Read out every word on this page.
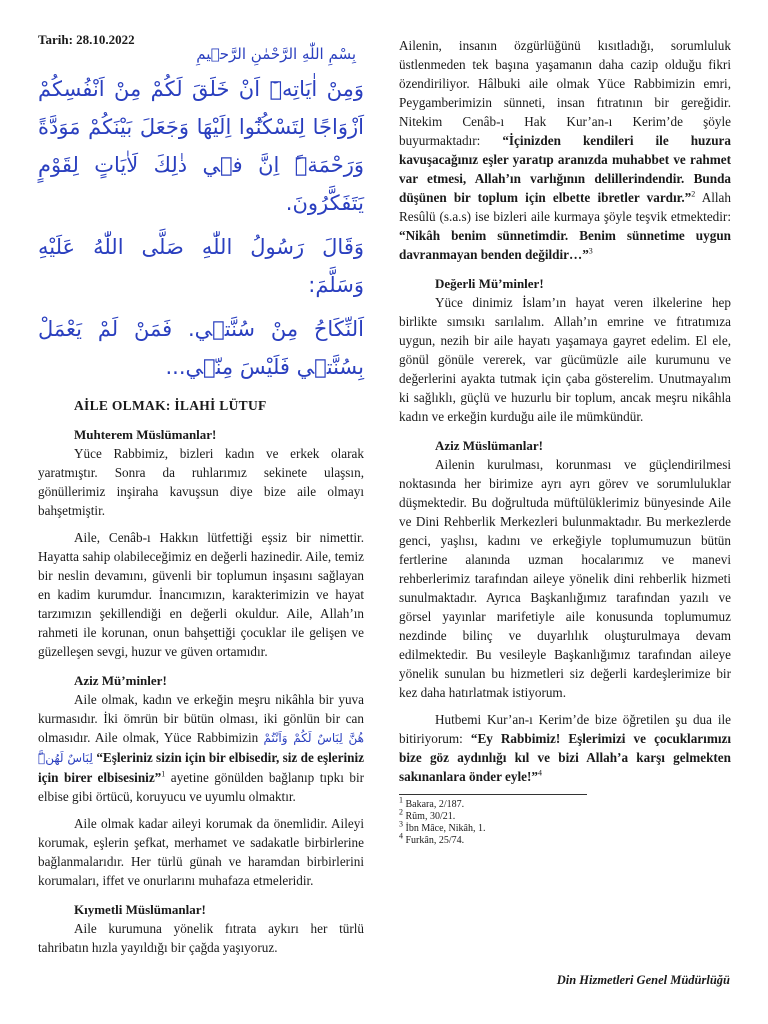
Tarih: 28.10.2022

بِسْمِ اللّٰهِ الرَّحْمٰنِ الرَّح۪يمِ
وَمِنْ اٰيَاتِه۪ٓ اَنْ خَلَقَ لَكُمْ مِنْ اَنْفُسِكُمْ اَزْوَاجًا لِتَسْكُنُٓوا اِلَيْهَا وَجَعَلَ بَيْنَكُمْ مَوَدَّةً وَرَحْمَةًۜ اِنَّ ف۪ي ذٰلِكَ لَاٰيَاتٍ لِقَوْمٍ يَتَفَكَّرُونَ.
وَقَالَ رَسُولُ اللّٰهِ صَلَّى اللّٰهُ عَلَيْهِ وَسَلَّمَ:
اَلنِّكَاحُ مِنْ سُنَّت۪ي. فَمَنْ لَمْ يَعْمَلْ بِسُنَّت۪ي فَلَيْسَ مِنّ۪ي...
AİLE OLMAK: İLAHİ LÜTUF
Muhterem Müslümanlar!

Yüce Rabbimiz, bizleri kadın ve erkek olarak yaratmıştır. Sonra da ruhlarımız sekinete ulaşsın, gönüllerimiz inşiraha kavuşsun diye bize aile olmayı bahşetmiştir.

Aile, Cenâb-ı Hakkın lütfettiği eşsiz bir nimettir. Hayatta sahip olabileceğimiz en değerli hazinedir. Aile, temiz bir neslin devamını, güvenli bir toplumun inşasını sağlayan en kadim kurumdur. İnancımızın, karakterimizin ve hayat tarzımızın şekillendiği en değerli okuldur. Aile, Allah’ın rahmeti ile korunan, onun bahşettiği çocuklar ile gelişen ve güzelleşen sevgi, huzur ve güven ortamıdır.

Aziz Mü’minler!

Aile olmak, kadın ve erkeğin meşru nikâhla bir yuva kurmasıdır. İki ömrün bir bütün olması, iki gönlün bir can olmasıdır. Aile olmak, Yüce Rabbimizin هُنَّ لِبَاسٌ لَكُمْ وَاَنْتُمْ لِبَاسٌ لَهُنَّۜ “Eşleriniz sizin için bir elbisedir, siz de eşleriniz için birer elbisesiniz”$^1$ ayetine gönülden bağlanıp tıpkı bir elbise gibi örtücü, koruyucu ve uyumlu olmaktır.

Aile olmak kadar aileyi korumak da önemlidir. Aileyi korumak, eşlerin şefkat, merhamet ve sadakatle birbirlerine bağlanmalarıdır. Her türlü günah ve haramdan birbirlerini korumaları, iffet ve onurlarını muhafaza etmeleridir.

Kıymetli Müslümanlar!

Aile kurumuna yönelik fıtrata aykırı her türlü tahribatın hızla yayıldığı bir çağda yaşıyoruz.

Ailenin, insanın özgürlüğünü kısıtladığı, sorumluluk üstlenmeden tek başına yaşamanın daha cazip olduğu fikri özendiriliyor. Hâlbuki aile olmak Yüce Rabbimizin emri, Peygamberimizin sünneti, insan fıtratının bir gereğidir. Nitekim Cenâb-ı Hak Kur’an-ı Kerim’de şöyle buyurmaktadır: “İçinizden kendileri ile huzura kavuşacağınız eşler yaratıp aranızda muhabbet ve rahmet var etmesi, Allah’ın varlığının delillerindendir. Bunda düşünen bir toplum için elbette ibretler vardır.”$^2$ Allah Resûlü (s.a.s) ise bizleri aile kurmaya şöyle teşvik etmektedir: “Nikâh benim sünnetimdir. Benim sünnetime uygun davranmayan benden değildir…”$^3$

Değerli Mü’minler!

Yüce dinimiz İslam’ın hayat veren ilkelerine hep birlikte sımsıkı sarılalım. Allah’ın emrine ve fıtratımıza uygun, nezih bir aile hayatı yaşamaya gayret edelim. El ele, gönül gönüle vererek, var gücümüzle aile kurumunu ve değerlerini ayakta tutmak için çaba gösterelim. Unutmayalım ki sağlıklı, güçlü ve huzurlu bir toplum, ancak meşru nikâhla kadın ve erkeğin kurduğu aile ile mümkündür.

Aziz Müslümanlar!

Ailenin kurulması, korunması ve güçlendirilmesi noktasında her birimize ayrı ayrı görev ve sorumluluklar düşmektedir. Bu doğrultuda müftülüklerimiz bünyesinde Aile ve Dini Rehberlik Merkezleri bulunmaktadır. Bu merkezlerde genci, yaşlısı, kadını ve erkeğiyle toplumumuzun bütün fertlerine alanında uzman hocalarımız ve manevi rehberlerimiz tarafından aileye yönelik dini rehberlik hizmeti sunulmaktadır. Ayrıca Başkanlığımız tarafından yazılı ve görsel yayınlar marifetiyle aile konusunda toplumumuz nezdinde bilinç ve duyarlılık oluşturulmaya devam edilmektedir. Bu vesileyle Başkanlığımız tarafından aileye yönelik sunulan bu hizmetleri siz değerli kardeşlerimize bir kez daha hatırlatmak istiyorum.

Hutbemi Kur’an-ı Kerim’de bize öğretilen şu dua ile bitiriyorum: “Ey Rabbimiz! Eşlerimizi ve çocuklarımızı bize göz aydınlığı kıl ve bizi Allah’a karşı gelmekten sakınanlara önder eyle!”$^4$

$^1$ Bakara, 2/187.
$^2$ Rûm, 30/21.
$^3$ İbn Mâce, Nikâh, 1.
$^4$ Furkân, 25/74.
Din Hizmetleri Genel Müdürlüğü
